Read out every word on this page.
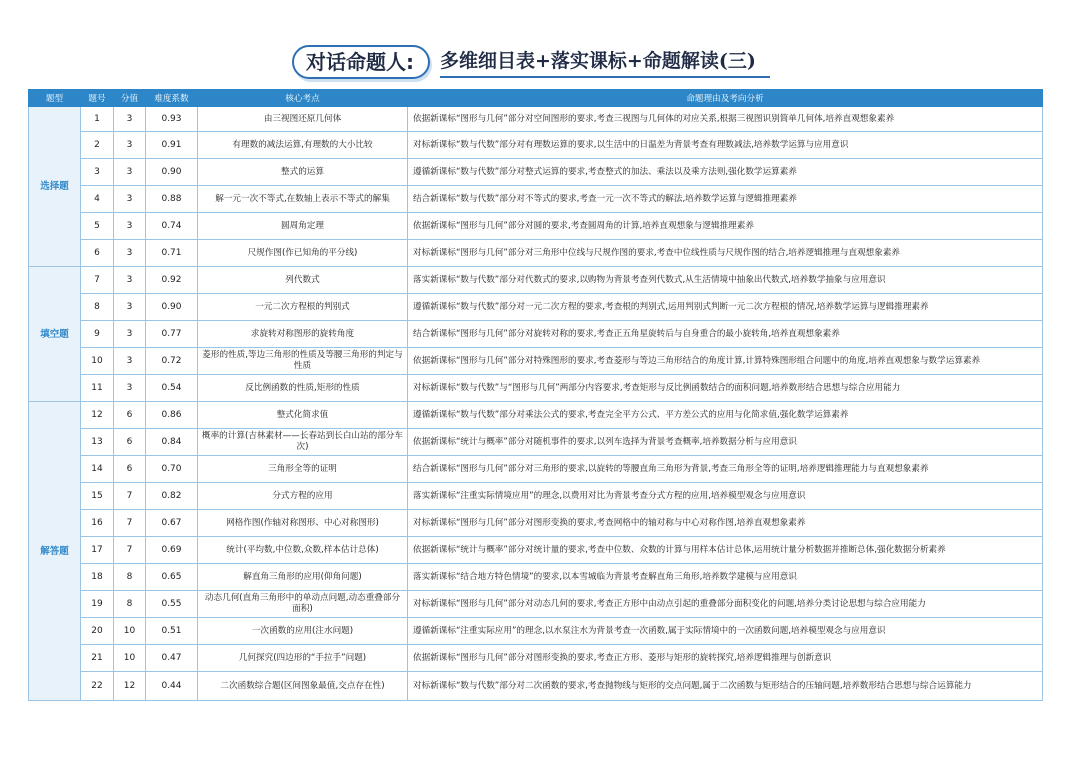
对话命题人:	多维细目表+落实课标+命题解读(三)
题型	题号	分值	难度系数	核心考点	命题理由及考向分析
选择题	1	3	0.93	由三视图还原几何体	依据新课标“图形与几何”部分对空间图形的要求,考查三视图与几何体的对应关系,根据三视图识别简单几何体,培养直观想象素养
	2	3	0.91	有理数的减法运算,有理数的大小比较	对标新课标“数与代数”部分对有理数运算的要求,以生活中的日温差为背景考查有理数减法,培养数学运算与应用意识
	3	3	0.90	整式的运算	遵循新课标“数与代数”部分对整式运算的要求,考查整式的加法、乘法以及乘方法则,强化数学运算素养
	4	3	0.88	解一元一次不等式,在数轴上表示不等式的解集	结合新课标“数与代数”部分对不等式的要求,考查一元一次不等式的解法,培养数学运算与逻辑推理素养
	5	3	0.74	圆周角定理	依据新课标“图形与几何”部分对圆的要求,考查圆周角的计算,培养直观想象与逻辑推理素养
	6	3	0.71	尺规作图(作已知角的平分线)	对标新课标“图形与几何”部分对三角形中位线与尺规作图的要求,考查中位线性质与尺规作图的结合,培养逻辑推理与直观想象素养
填空题	7	3	0.92	列代数式	落实新课标“数与代数”部分对代数式的要求,以购物为背景考查列代数式,从生活情境中抽象出代数式,培养数学抽象与应用意识
	8	3	0.90	一元二次方程根的判别式	遵循新课标“数与代数”部分对一元二次方程的要求,考查根的判别式,运用判别式判断一元二次方程根的情况,培养数学运算与逻辑推理素养
	9	3	0.77	求旋转对称图形的旋转角度	结合新课标“图形与几何”部分对旋转对称的要求,考查正五角星旋转后与自身重合的最小旋转角,培养直观想象素养
	10	3	0.72	菱形的性质,等边三角形的性质及等腰三角形的判定与性质	依据新课标“图形与几何”部分对特殊图形的要求,考查菱形与等边三角形结合的角度计算,计算特殊图形组合问题中的角度,培养直观想象与数学运算素养
	11	3	0.54	反比例函数的性质,矩形的性质	对标新课标“数与代数”与“图形与几何”两部分内容要求,考查矩形与反比例函数结合的面积问题,培养数形结合思想与综合应用能力
解答题	12	6	0.86	整式化简求值	遵循新课标“数与代数”部分对乘法公式的要求,考查完全平方公式、平方差公式的应用与化简求值,强化数学运算素养
	13	6	0.84	概率的计算(吉林素材——长春站到长白山站的部分车次)	依据新课标“统计与概率”部分对随机事件的要求,以列车选择为背景考查概率,培养数据分析与应用意识
	14	6	0.70	三角形全等的证明	结合新课标“图形与几何”部分对三角形的要求,以旋转的等腰直角三角形为背景,考查三角形全等的证明,培养逻辑推理能力与直观想象素养
	15	7	0.82	分式方程的应用	落实新课标“注重实际情境应用”的理念,以费用对比为背景考查分式方程的应用,培养模型观念与应用意识
	16	7	0.67	网格作图(作轴对称图形、中心对称图形)	对标新课标“图形与几何”部分对图形变换的要求,考查网格中的轴对称与中心对称作图,培养直观想象素养
	17	7	0.69	统计(平均数,中位数,众数,样本估计总体)	依据新课标“统计与概率”部分对统计量的要求,考查中位数、众数的计算与用样本估计总体,运用统计量分析数据并推断总体,强化数据分析素养
	18	8	0.65	解直角三角形的应用(仰角问题)	落实新课标“结合地方特色情境”的要求,以本雪城临为背景考查解直角三角形,培养数学建模与应用意识
	19	8	0.55	动态几何(直角三角形中的单动点问题,动态重叠部分面积)	对标新课标“图形与几何”部分对动态几何的要求,考查正方形中由动点引起的重叠部分面积变化的问题,培养分类讨论思想与综合应用能力
	20	10	0.51	一次函数的应用(注水问题)	遵循新课标“注重实际应用”的理念,以水泵注水为背景考查一次函数,属于实际情境中的一次函数问题,培养模型观念与应用意识
	21	10	0.47	几何探究(四边形的“手拉手”问题)	依据新课标“图形与几何”部分对图形变换的要求,考查正方形、菱形与矩形的旋转探究,培养逻辑推理与创新意识
	22	12	0.44	二次函数综合题(区间图象最值,交点存在性)	对标新课标“数与代数”部分对二次函数的要求,考查抛物线与矩形的交点问题,属于二次函数与矩形结合的压轴问题,培养数形结合思想与综合运算能力
